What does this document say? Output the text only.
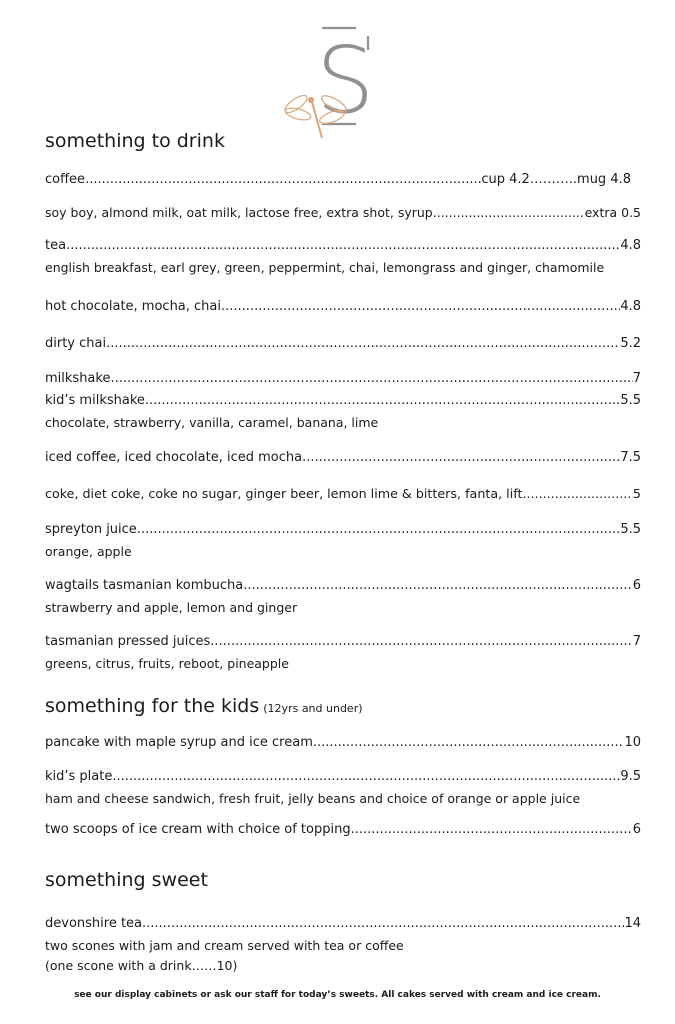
S
something to drink
coffee .....	cup 4.2 ……….. mug 4.8
soy boy, almond milk, oat milk, lactose free, extra shot, syrup .....	extra 0.5
tea .....	4.8
english breakfast, earl grey, green, peppermint, chai, lemongrass and ginger, chamomile
hot chocolate, mocha, chai .....	4.8
dirty chai .....	5.2
milkshake .....	7
kid’s milkshake .....	5.5
chocolate, strawberry, vanilla, caramel, banana, lime
iced coffee, iced chocolate, iced mocha .....	7.5
coke, diet coke, coke no sugar, ginger beer, lemon lime & bitters, fanta, lift .....	5
spreyton juice .....	5.5
orange, apple
wagtails tasmanian kombucha .....	6
strawberry and apple, lemon and ginger
tasmanian pressed juices .....	7
greens, citrus, fruits, reboot, pineapple
something for the kids (12yrs and under)
pancake with maple syrup and ice cream .....	10
kid’s plate .....	9.5
ham and cheese sandwich, fresh fruit, jelly beans and choice of orange or apple juice
two scoops of ice cream with choice of topping .....	6
something sweet
devonshire tea .....	14
two scones with jam and cream served with tea or coffee
(one scone with a drink……10)
see our display cabinets or ask our staff for today’s sweets. All cakes served with cream and ice cream.
